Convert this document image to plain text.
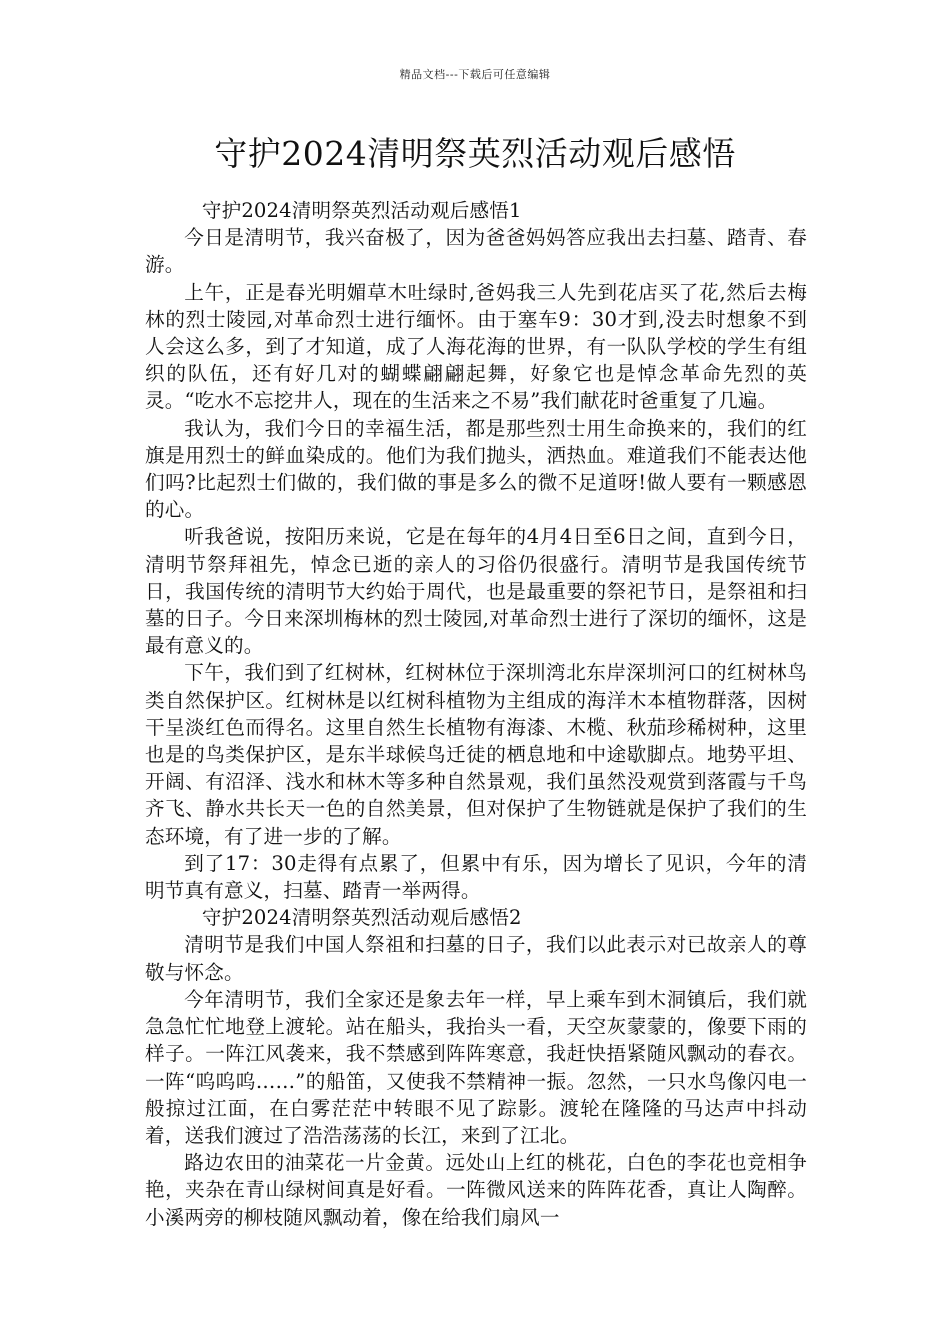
精品文档---下载后可任意编辑
守护2024清明祭英烈活动观后感悟

守护2024清明祭英烈活动观后感悟1

今日是清明节，我兴奋极了，因为爸爸妈妈答应我出去扫墓、踏青、春游。

上午，正是春光明媚草木吐绿时,爸妈我三人先到花店买了花,然后去梅林的烈士陵园,对革命烈士进行缅怀。由于塞车9：30才到,没去时想象不到人会这么多，到了才知道，成了人海花海的世界，有一队队学校的学生有组织的队伍，还有好几对的蝴蝶翩翩起舞，好象它也是悼念革命先烈的英灵。“吃水不忘挖井人，现在的生活来之不易”我们献花时爸重复了几遍。

我认为，我们今日的幸福生活，都是那些烈士用生命换来的，我们的红旗是用烈士的鲜血染成的。他们为我们抛头，洒热血。难道我们不能表达他们吗?比起烈士们做的，我们做的事是多么的微不足道呀!做人要有一颗感恩的心。

听我爸说，按阳历来说，它是在每年的4月4日至6日之间，直到今日，清明节祭拜祖先，悼念已逝的亲人的习俗仍很盛行。清明节是我国传统节日，我国传统的清明节大约始于周代，也是最重要的祭祀节日，是祭祖和扫墓的日子。今日来深圳梅林的烈士陵园,对革命烈士进行了深切的缅怀，这是最有意义的。

下午，我们到了红树林，红树林位于深圳湾北东岸深圳河口的红树林鸟类自然保护区。红树林是以红树科植物为主组成的海洋木本植物群落，因树干呈淡红色而得名。这里自然生长植物有海漆、木榄、秋茄珍稀树种，这里也是的鸟类保护区，是东半球候鸟迁徒的栖息地和中途歇脚点。地势平坦、开阔、有沼泽、浅水和林木等多种自然景观，我们虽然没观赏到落霞与千鸟齐飞、静水共长天一色的自然美景，但对保护了生物链就是保护了我们的生态环境，有了进一步的了解。

到了17：30走得有点累了，但累中有乐，因为增长了见识，今年的清明节真有意义，扫墓、踏青一举两得。

守护2024清明祭英烈活动观后感悟2

清明节是我们中国人祭祖和扫墓的日子，我们以此表示对已故亲人的尊敬与怀念。

今年清明节，我们全家还是象去年一样，早上乘车到木洞镇后，我们就急急忙忙地登上渡轮。站在船头，我抬头一看，天空灰蒙蒙的，像要下雨的样子。一阵江风袭来，我不禁感到阵阵寒意，我赶快捂紧随风飘动的春衣。一阵“呜呜呜……”的船笛，又使我不禁精神一振。忽然，一只水鸟像闪电一般掠过江面，在白雾茫茫中转眼不见了踪影。渡轮在隆隆的马达声中抖动着，送我们渡过了浩浩荡荡的长江，来到了江北。

路边农田的油菜花一片金黄。远处山上红的桃花，白色的李花也竞相争艳，夹杂在青山绿树间真是好看。一阵微风送来的阵阵花香，真让人陶醉。小溪两旁的柳枝随风飘动着，像在给我们扇风一
